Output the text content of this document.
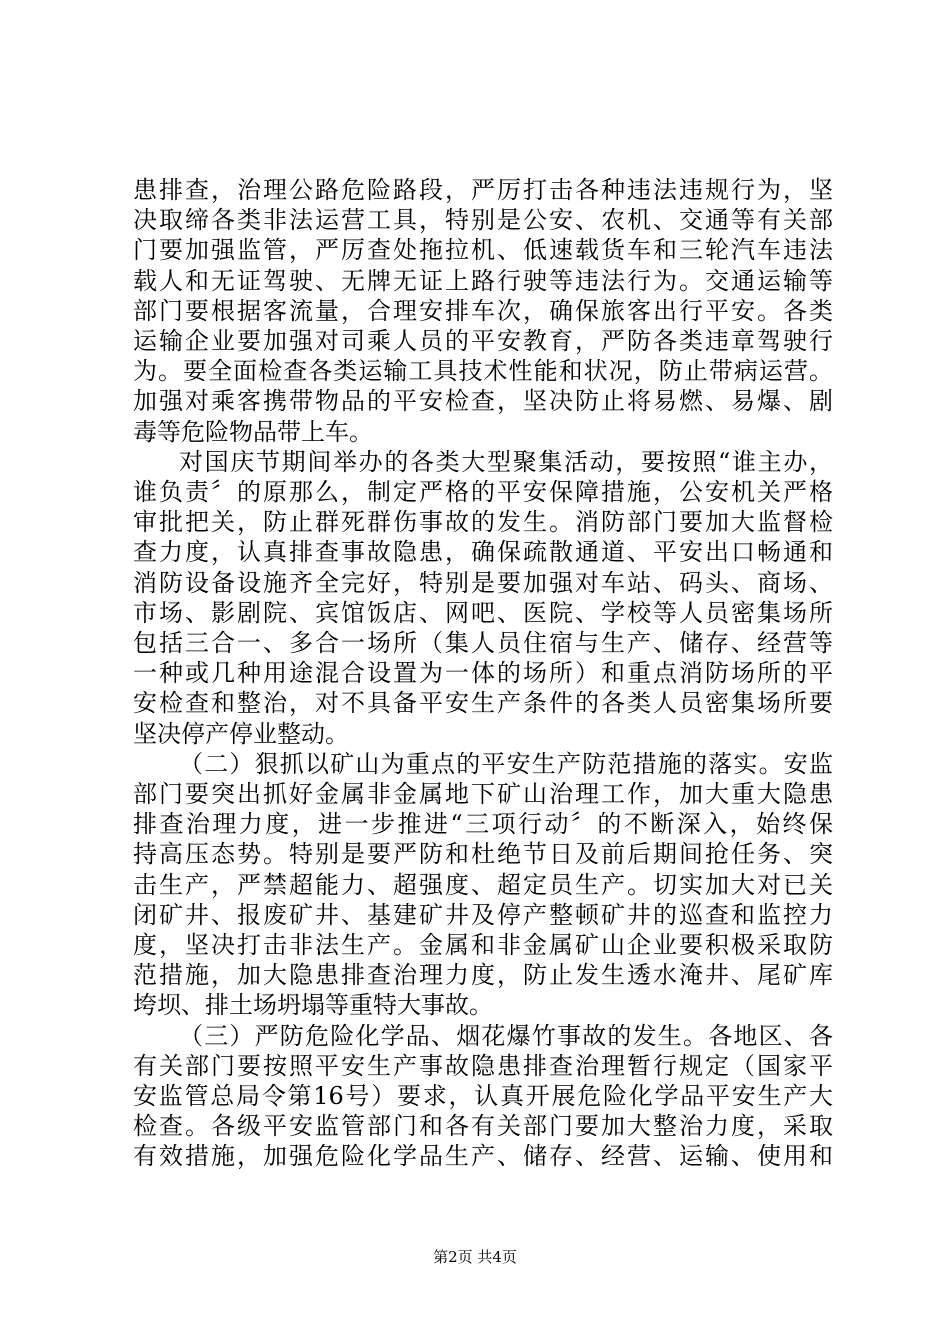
患排查，治理公路危险路段，严厉打击各种违法违规行为，坚
决取缔各类非法运营工具，特别是公安、农机、交通等有关部
门要加强监管，严厉查处拖拉机、低速载货车和三轮汽车违法
载人和无证驾驶、无牌无证上路行驶等违法行为。交通运输等
部门要根据客流量，合理安排车次，确保旅客出行平安。各类
运输企业要加强对司乘人员的平安教育，严防各类违章驾驶行
为。要全面检查各类运输工具技术性能和状况，防止带病运营。
加强对乘客携带物品的平安检查，坚决防止将易燃、易爆、剧
毒等危险物品带上车。
对国庆节期间举办的各类大型聚集活动，要按照“谁主办，
谁负责〞的原那么，制定严格的平安保障措施，公安机关严格
审批把关，防止群死群伤事故的发生。消防部门要加大监督检
查力度，认真排查事故隐患，确保疏散通道、平安出口畅通和
消防设备设施齐全完好，特别是要加强对车站、码头、商场、
市场、影剧院、宾馆饭店、网吧、医院、学校等人员密集场所
包括三合一、多合一场所（集人员住宿与生产、储存、经营等
一种或几种用途混合设置为一体的场所）和重点消防场所的平
安检查和整治，对不具备平安生产条件的各类人员密集场所要
坚决停产停业整动。
（二）狠抓以矿山为重点的平安生产防范措施的落实。安监
部门要突出抓好金属非金属地下矿山治理工作，加大重大隐患
排查治理力度，进一步推进“三项行动〞的不断深入，始终保
持高压态势。特别是要严防和杜绝节日及前后期间抢任务、突
击生产，严禁超能力、超强度、超定员生产。切实加大对已关
闭矿井、报废矿井、基建矿井及停产整顿矿井的巡查和监控力
度，坚决打击非法生产。金属和非金属矿山企业要积极采取防
范措施，加大隐患排查治理力度，防止发生透水淹井、尾矿库
垮坝、排土场坍塌等重特大事故。
（三）严防危险化学品、烟花爆竹事故的发生。各地区、各
有关部门要按照平安生产事故隐患排查治理暂行规定（国家平
安监管总局令第16号）要求，认真开展危险化学品平安生产大
检查。各级平安监管部门和各有关部门要加大整治力度，采取
有效措施，加强危险化学品生产、储存、经营、运输、使用和
第2页 共4页
